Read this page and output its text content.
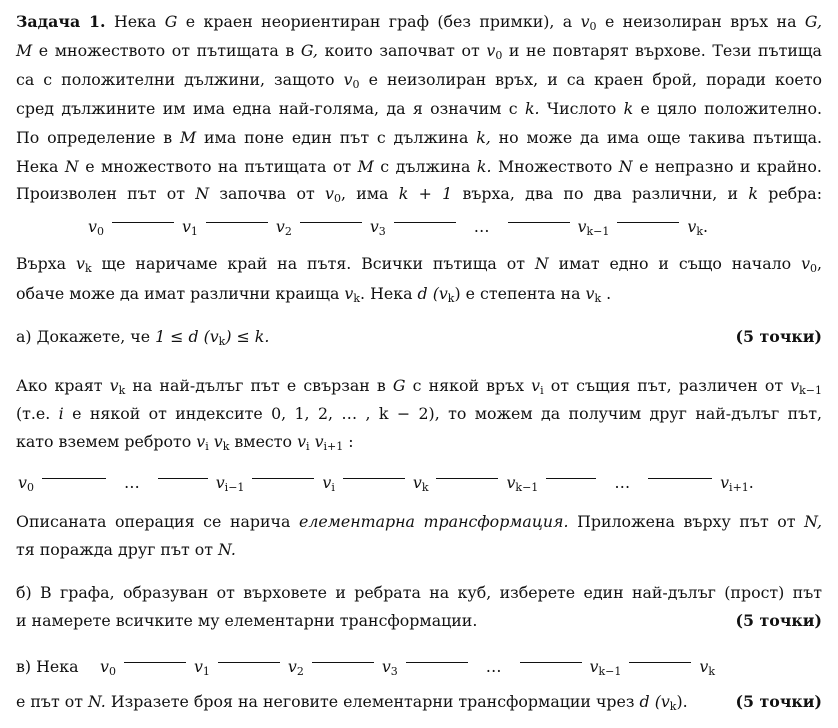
Задача 1. Нека G е краен неориентиран граф (без примки), а $v_0$ е неизолиран връх на G,
M е множеството от пътищата в G, които започват от $v_0$ и не повтарят върхове. Тези пътища
са с положителни дължини, защото $v_0$ е неизолиран връх, и са краен брой, поради което
сред дължините им има една най-голяма, да я означим с k. Числото k е цяло положително.
По определение в M има поне един път с дължина k, но може да има още такива пътища.
Нека N е множеството на пътищата от M с дължина k. Множеството N е непразно и крайно.
Произволен път от N започва от $v_0$, има k + 1 върха, два по два различни, и k ребра:
$v_0$	$v_1$	$v_2$	$v_3$	…	$v_{k-1}$	$v_k$ .
Върха $v_k$ ще наричаме край на пътя. Всички пътища от N имат едно и също начало $v_0$,
обаче може да имат различни краища $v_k$. Нека d $(v_k)$ е степента на $v_k$ .
а) Докажете, че 1 ≤ d $(v_k) \le k$.	(5 точки)
Ако краят $v_k$ на най-дълъг път е свързан в G с някой връх $v_i$ от същия път, различен от $v_{k-1}$
(т.е. i е някой от индексите 0, 1, 2, … , k − 2), то можем да получим друг най-дълъг път,
като вземем реброто $v_i$ $v_k$ вместо $v_i$ $v_{i+1}$ :
$v_0$	…	$v_{i-1}$	$v_i$	$v_k$	$v_{k-1}$	…	$v_{i+1}$ .
Описаната операция се нарича елементарна трансформация. Приложена върху път от N,
тя поражда друг път от N.
б) В графа, образуван от върховете и ребрата на куб, изберете един най-дълъг (прост) път
и намерете всичките му елементарни трансформации.	(5 точки)
в) Нека	$v_0$	$v_1$	$v_2$	$v_3$	…	$v_{k-1}$	$v_k$
е път от N. Изразете броя на неговите елементарни трансформации чрез d $(v_k)$.	(5 точки)
